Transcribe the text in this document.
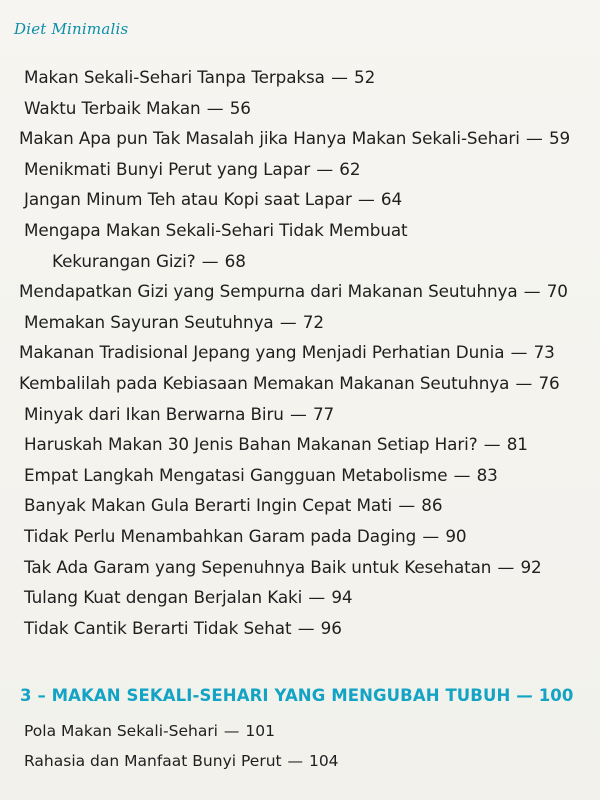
Diet Minimalis
Makan Sekali-Sehari Tanpa Terpaksa — 52
Waktu Terbaik Makan — 56
Makan Apa pun Tak Masalah jika Hanya Makan Sekali-Sehari — 59
Menikmati Bunyi Perut yang Lapar — 62
Jangan Minum Teh atau Kopi saat Lapar — 64
Mengapa Makan Sekali-Sehari Tidak Membuat
Kekurangan Gizi? — 68
Mendapatkan Gizi yang Sempurna dari Makanan Seutuhnya — 70
Memakan Sayuran Seutuhnya — 72
Makanan Tradisional Jepang yang Menjadi Perhatian Dunia — 73
Kembalilah pada Kebiasaan Memakan Makanan Seutuhnya — 76
Minyak dari Ikan Berwarna Biru — 77
Haruskah Makan 30 Jenis Bahan Makanan Setiap Hari? — 81
Empat Langkah Mengatasi Gangguan Metabolisme — 83
Banyak Makan Gula Berarti Ingin Cepat Mati — 86
Tidak Perlu Menambahkan Garam pada Daging — 90
Tak Ada Garam yang Sepenuhnya Baik untuk Kesehatan — 92
Tulang Kuat dengan Berjalan Kaki — 94
Tidak Cantik Berarti Tidak Sehat — 96
3 – MAKAN SEKALI-SEHARI YANG MENGUBAH TUBUH — 100
Pola Makan Sekali-Sehari — 101
Rahasia dan Manfaat Bunyi Perut — 104
